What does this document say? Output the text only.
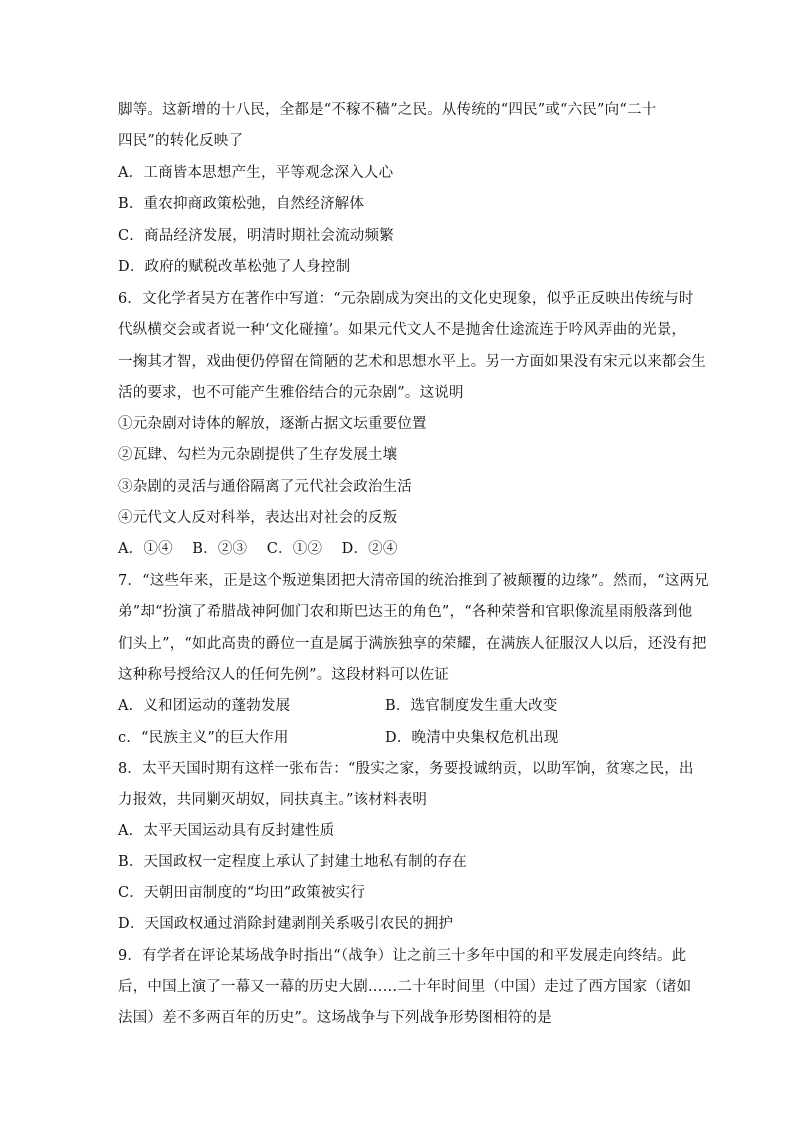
脚等。这新增的十八民，全都是“不稼不穑”之民。从传统的“四民”或“六民”向“二十
四民”的转化反映了
A．工商皆本思想产生，平等观念深入人心
B．重农抑商政策松弛，自然经济解体
C．商品经济发展，明清时期社会流动频繁
D．政府的赋税改革松弛了人身控制
6．文化学者吴方在著作中写道：“元杂剧成为突出的文化史现象，似乎正反映出传统与时
代纵横交会或者说一种‘文化碰撞’。如果元代文人不是抛舍仕途流连于吟风弄曲的光景，
一掬其才智，戏曲便仍停留在简陋的艺术和思想水平上。另一方面如果没有宋元以来都会生
活的要求，也不可能产生雅俗结合的元杂剧”。这说明
①元杂剧对诗体的解放，逐渐占据文坛重要位置
②瓦肆、勾栏为元杂剧提供了生存发展土壤
③杂剧的灵活与通俗隔离了元代社会政治生活
④元代文人反对科举，表达出对社会的反叛
A．①④　 B．②③　 C．①②　 D．②④
7．“这些年来，正是这个叛逆集团把大清帝国的统治推到了被颠覆的边缘”。然而，“这两兄
弟”却“扮演了希腊战神阿伽门农和斯巴达王的角色”，“各种荣誉和官职像流星雨般落到他
们头上”，“如此高贵的爵位一直是属于满族独享的荣耀，在满族人征服汉人以后，还没有把
这种称号授给汉人的任何先例”。这段材料可以佐证
A．义和团运动的蓬勃发展	B．选官制度发生重大改变
c．“民族主义”的巨大作用	D．晚清中央集权危机出现
8．太平天国时期有这样一张布告：“殷实之家，务要投诚纳贡，以助军饷，贫寒之民，出
力报效，共同剿灭胡奴，同扶真主。”该材料表明
A．太平天国运动具有反封建性质
B．天国政权一定程度上承认了封建土地私有制的存在
C．天朝田亩制度的“均田”政策被实行
D．天国政权通过消除封建剥削关系吸引农民的拥护
9．有学者在评论某场战争时指出“（战争）让之前三十多年中国的和平发展走向终结。此
后，中国上演了一幕又一幕的历史大剧……二十年时间里（中国）走过了西方国家（诸如
法国）差不多两百年的历史”。这场战争与下列战争形势图相符的是
